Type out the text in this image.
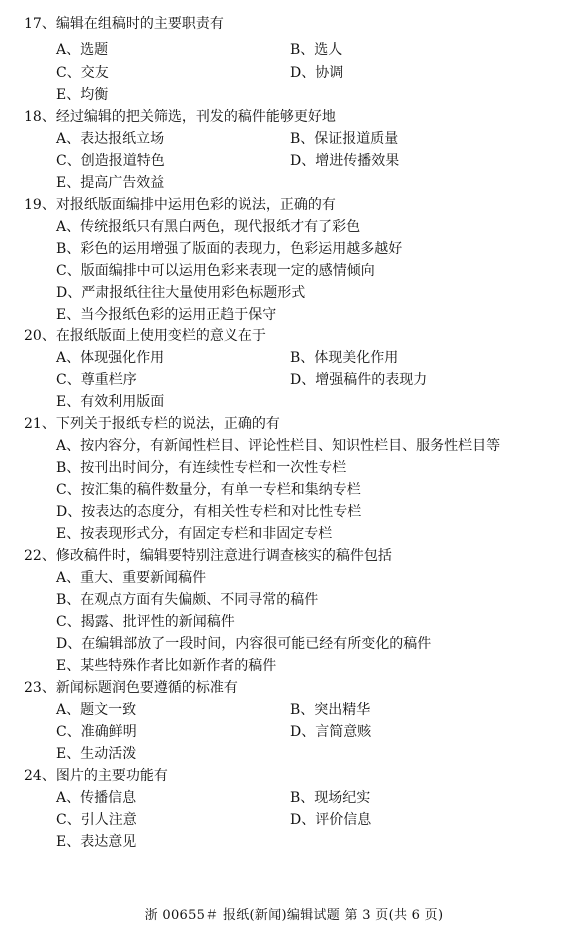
17、编辑在组稿时的主要职责有
A、选题	B、选人
C、交友	D、协调
E、均衡
18、经过编辑的把关筛选，刊发的稿件能够更好地
A、表达报纸立场	B、保证报道质量
C、创造报道特色	D、增进传播效果
E、提高广告效益
19、对报纸版面编排中运用色彩的说法，正确的有
A、传统报纸只有黑白两色，现代报纸才有了彩色
B、彩色的运用增强了版面的表现力，色彩运用越多越好
C、版面编排中可以运用色彩来表现一定的感情倾向
D、严肃报纸往往大量使用彩色标题形式
E、当今报纸色彩的运用正趋于保守
20、在报纸版面上使用变栏的意义在于
A、体现强化作用	B、体现美化作用
C、尊重栏序	D、增强稿件的表现力
E、有效利用版面
21、下列关于报纸专栏的说法，正确的有
A、按内容分，有新闻性栏目、评论性栏目、知识性栏目、服务性栏目等
B、按刊出时间分，有连续性专栏和一次性专栏
C、按汇集的稿件数量分，有单一专栏和集纳专栏
D、按表达的态度分，有相关性专栏和对比性专栏
E、按表现形式分，有固定专栏和非固定专栏
22、修改稿件时，编辑要特别注意进行调查核实的稿件包括
A、重大、重要新闻稿件
B、在观点方面有失偏颇、不同寻常的稿件
C、揭露、批评性的新闻稿件
D、在编辑部放了一段时间，内容很可能已经有所变化的稿件
E、某些特殊作者比如新作者的稿件
23、新闻标题润色要遵循的标准有
A、题文一致	B、突出精华
C、准确鲜明	D、言简意赅
E、生动活泼
24、图片的主要功能有
A、传播信息	B、现场纪实
C、引人注意	D、评价信息
E、表达意见
浙 00655＃ 报纸(新闻)编辑试题 第 3 页(共 6 页)
